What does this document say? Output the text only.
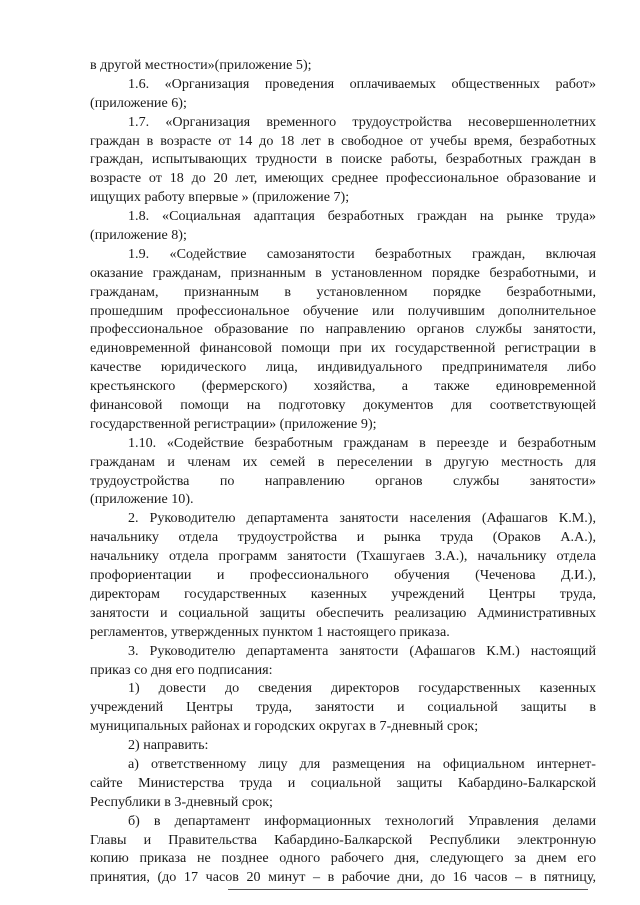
в другой местности»(приложение 5);
1.6. «Организация проведения оплачиваемых общественных работ»
(приложение 6);
1.7. «Организация временного трудоустройства несовершеннолетних
граждан в возрасте от 14 до 18 лет в свободное от учебы время, безработных
граждан, испытывающих трудности в поиске работы, безработных граждан в
возрасте от 18 до 20 лет, имеющих среднее профессиональное образование и
ищущих работу впервые » (приложение 7);
1.8. «Социальная адаптация безработных граждан на рынке труда»
(приложение 8);
1.9. «Содействие самозанятости безработных граждан, включая
оказание гражданам, признанным в установленном порядке безработными, и
гражданам, признанным в установленном порядке безработными,
прошедшим профессиональное обучение или получившим дополнительное
профессиональное образование по направлению органов службы занятости,
единовременной финансовой помощи при их государственной регистрации в
качестве юридического лица, индивидуального предпринимателя либо
крестьянского (фермерского) хозяйства, а также единовременной
финансовой помощи на подготовку документов для соответствующей
государственной регистрации» (приложение 9);
1.10. «Содействие безработным гражданам в переезде и безработным
гражданам и членам их семей в переселении в другую местность для
трудоустройства по направлению органов службы занятости»
(приложение 10).
2. Руководителю департамента занятости населения (Афашагов К.М.),
начальнику отдела трудоустройства и рынка труда (Ораков А.А.),
начальнику отдела программ занятости (Тхашугаев З.А.), начальнику отдела
профориентации и профессионального обучения (Чеченова Д.И.),
директорам государственных казенных учреждений Центры труда,
занятости и социальной защиты обеспечить реализацию Административных
регламентов, утвержденных пунктом 1 настоящего приказа.
3. Руководителю департамента занятости (Афашагов К.М.) настоящий
приказ со дня его подписания:
1) довести до сведения директоров государственных казенных
учреждений Центры труда, занятости и социальной защиты в
муниципальных районах и городских округах в 7-дневный срок;
2) направить:
а) ответственному лицу для размещения на официальном интернет-
сайте Министерства труда и социальной защиты Кабардино-Балкарской
Республики в 3-дневный срок;
б) в департамент информационных технологий Управления делами
Главы и Правительства Кабардино-Балкарской Республики электронную
копию приказа не позднее одного рабочего дня, следующего за днем его
принятия, (до 17 часов 20 минут – в рабочие дни, до 16 часов – в пятницу,
